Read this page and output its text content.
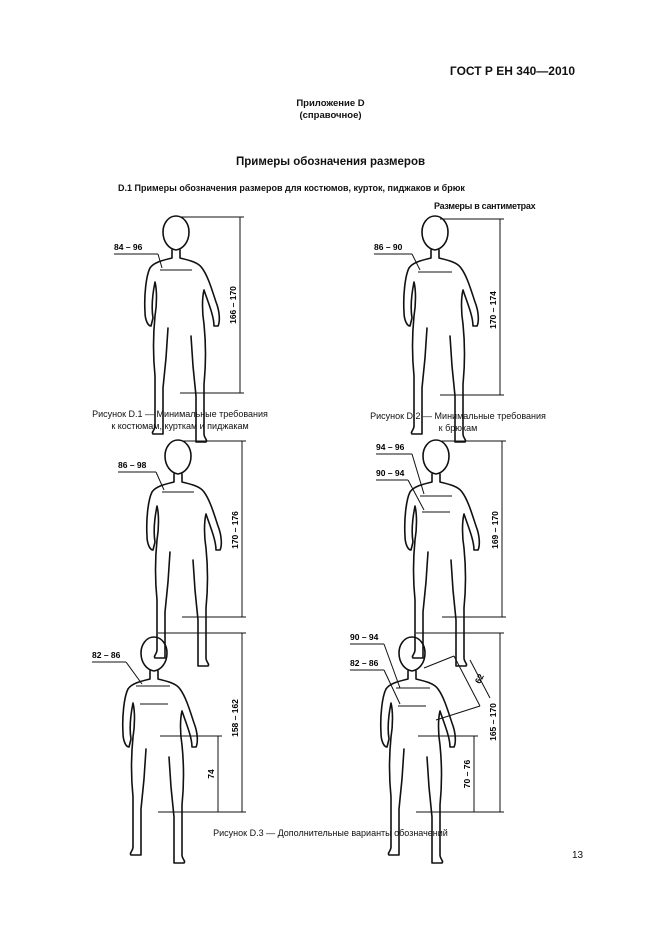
ГОСТ Р ЕН 340—2010
Приложение D
(справочное)
Примеры обозначения размеров
D.1 Примеры обозначения размеров для костюмов, курток, пиджаков и брюк
Размеры в сантиметрах
84 – 96
166 – 170
86 – 90
170 – 174
86 – 98
170 – 176
94 – 96
90 – 94
169 – 170
82 – 86
158 – 162
74
90 – 94
82 – 86
62
165 – 170
70 – 76
Рисунок D.1 — Минимальные требования
к костюмам, курткам и пиджакам
Рисунок D.2 — Минимальные требования
к брюкам
Рисунок D.3 — Дополнительные варианты обозначений
13
